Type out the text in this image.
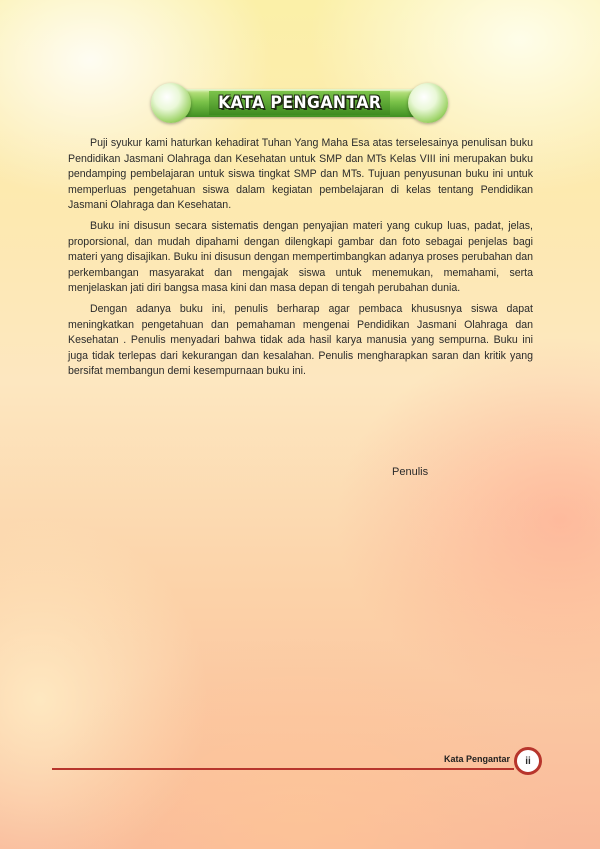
KATA PENGANTAR

Puji syukur kami haturkan kehadirat Tuhan Yang Maha Esa atas terselesainya penulisan buku Pendidikan Jasmani Olahraga dan Kesehatan untuk SMP dan MTs Kelas VIII ini merupakan buku pendamping pembelajaran untuk siswa tingkat SMP dan MTs. Tujuan penyusunan buku ini untuk memperluas pengetahuan siswa dalam kegiatan pembelajaran di kelas tentang Pendidikan Jasmani Olahraga dan Kesehatan.

Buku ini disusun secara sistematis dengan penyajian materi yang cukup luas, padat, jelas, proporsional, dan mudah dipahami dengan dilengkapi gambar dan foto sebagai penjelas bagi materi yang disajikan. Buku ini disusun dengan mempertimbangkan adanya proses perubahan dan perkembangan masyarakat dan mengajak siswa untuk menemukan, memahami, serta menjelaskan jati diri bangsa masa kini dan masa depan di tengah perubahan dunia.

Dengan adanya buku ini, penulis berharap agar pembaca khususnya siswa dapat meningkatkan pengetahuan dan pemahaman mengenai Pendidikan Jasmani Olahraga dan Kesehatan . Penulis menyadari bahwa tidak ada hasil karya manusia yang sempurna. Buku ini juga tidak terlepas dari kekurangan dan kesalahan. Penulis mengharapkan saran dan kritik yang bersifat membangun demi kesempurnaan buku ini.

Penulis
Kata Pengantar ii
